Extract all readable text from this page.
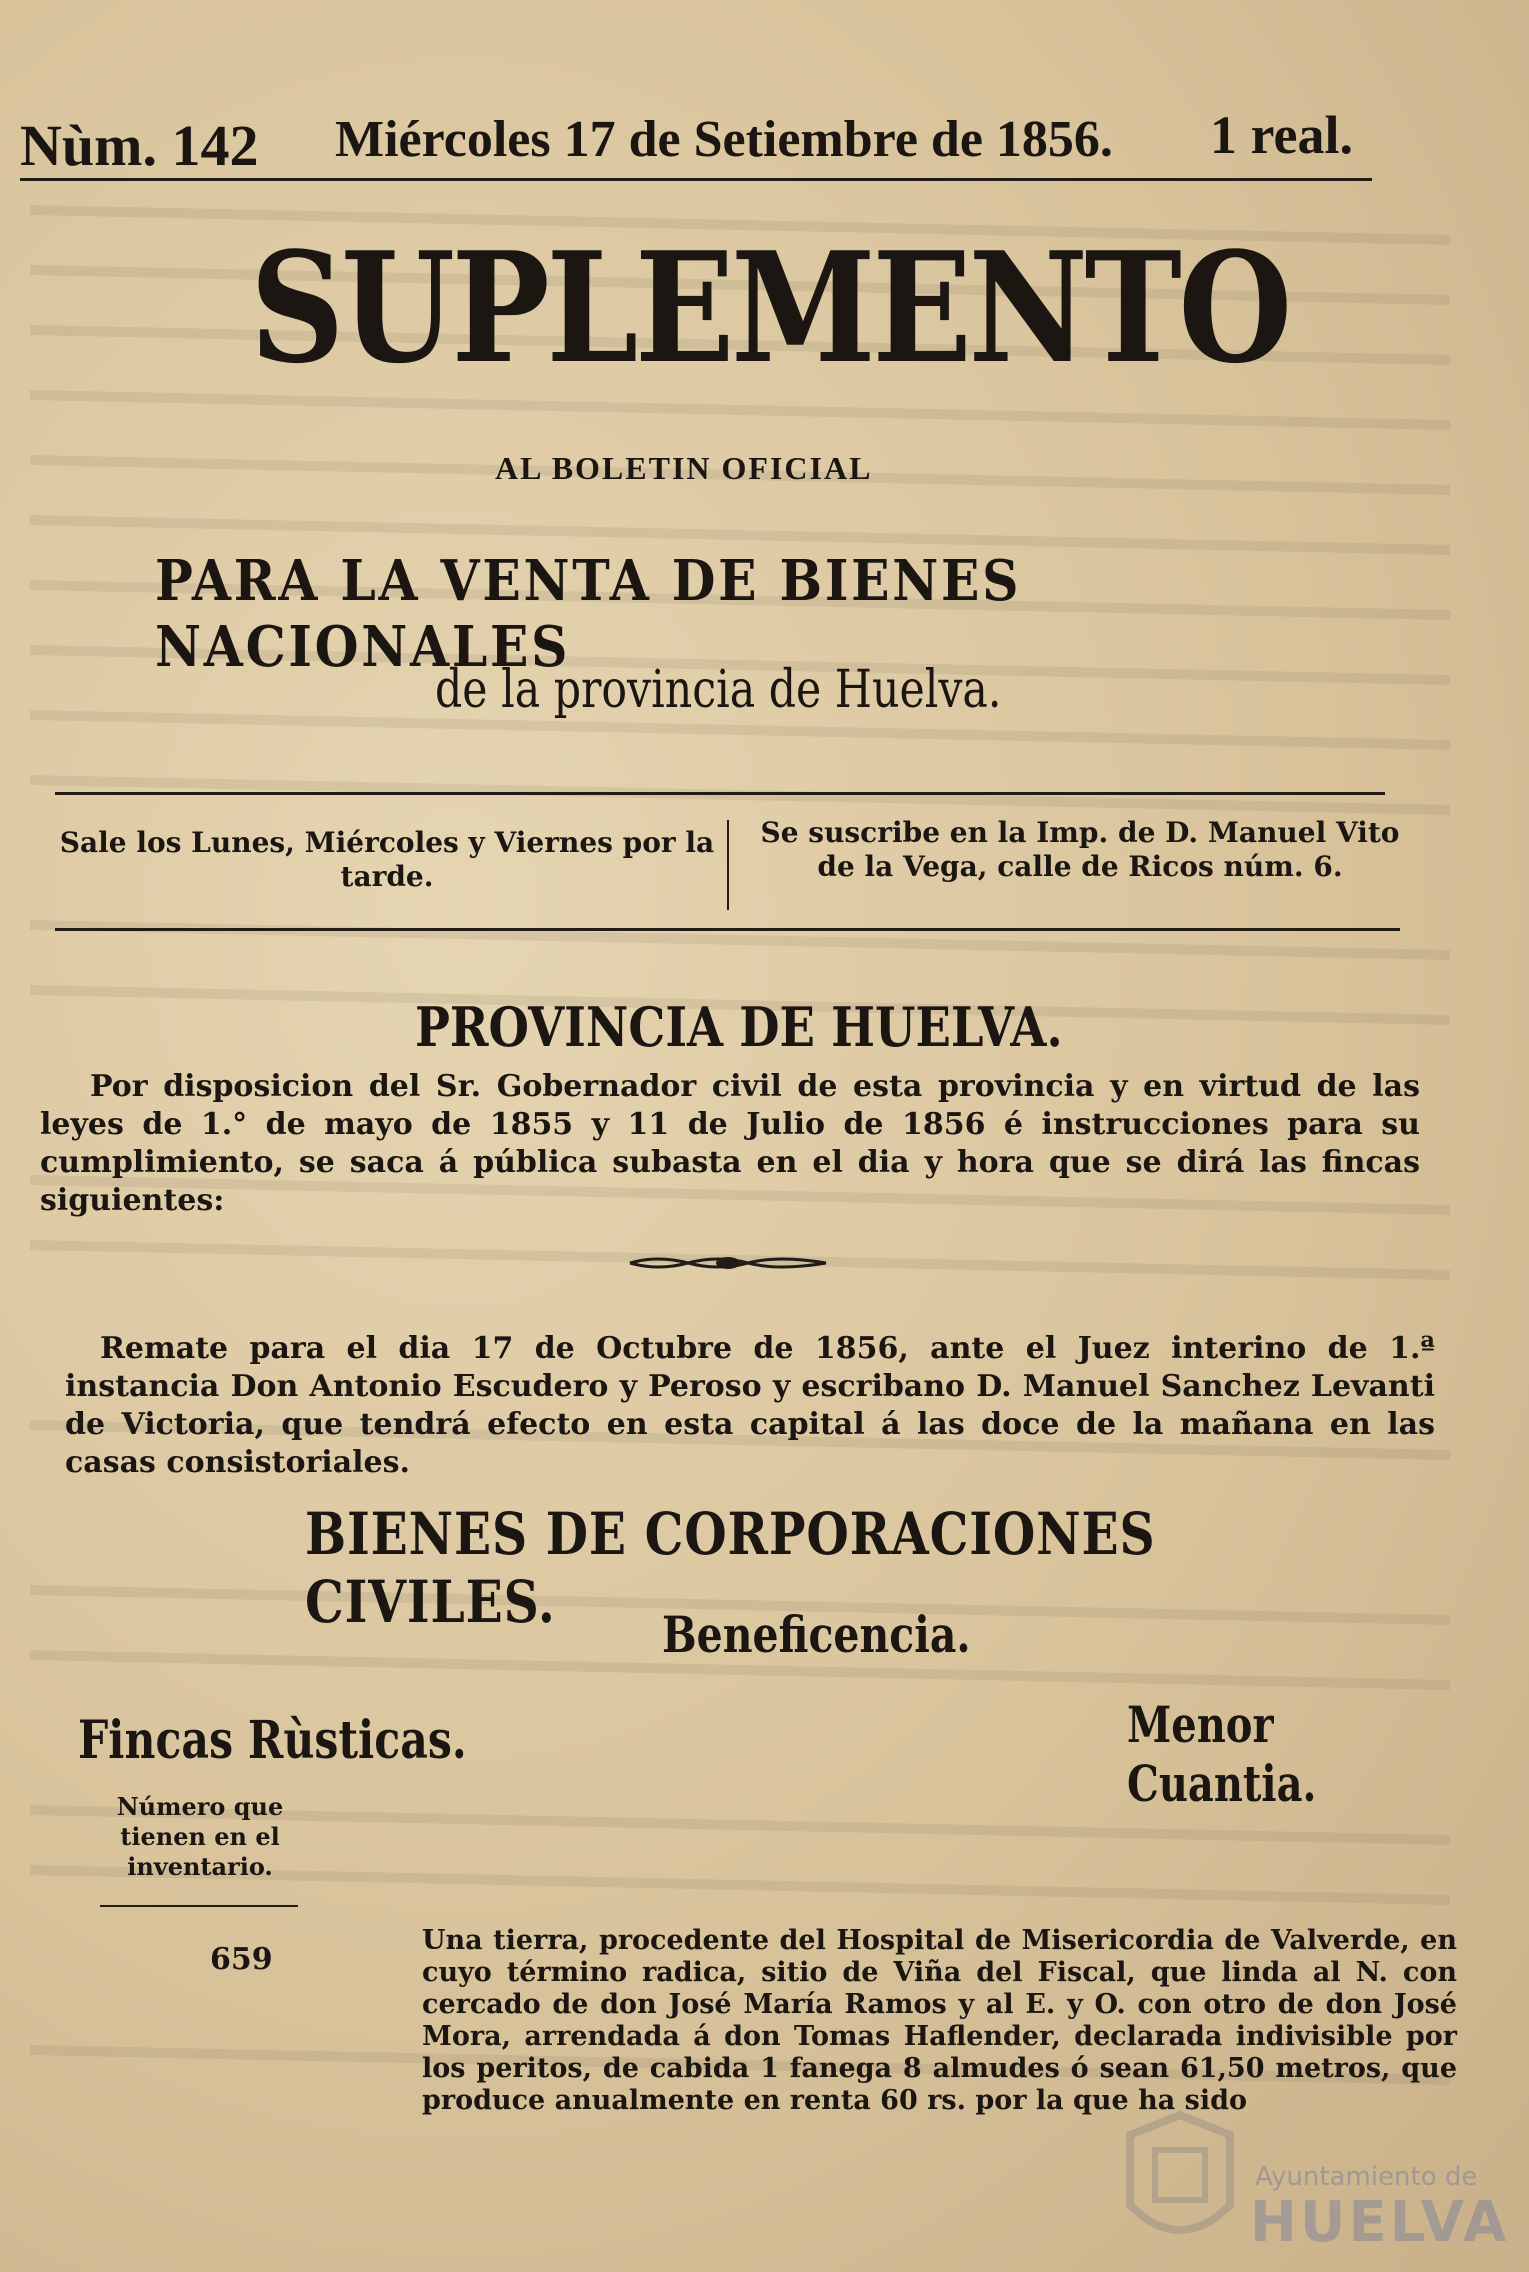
Nùm. 142 Miércoles 17 de Setiembre de 1856. 1 real.
SUPLEMENTO
AL BOLETIN OFICIAL
PARA LA VENTA DE BIENES NACIONALES
de la provincia de Huelva.
Sale los Lunes, Miércoles y Viernes por la tarde.
Se suscribe en la Imp. de D. Manuel Vito de la Vega, calle de Ricos núm. 6.
PROVINCIA DE HUELVA.
Por disposicion del Sr. Gobernador civil de esta provincia y en virtud de las leyes de 1.° de mayo de 1855 y 11 de Julio de 1856 é instrucciones para su cumplimiento, se saca á pública subasta en el dia y hora que se dirá las fincas siguientes:
Remate para el dia 17 de Octubre de 1856, ante el Juez interino de 1.ª instancia Don Antonio Escudero y Peroso y escribano D. Manuel Sanchez Levanti de Victoria, que tendrá efecto en esta capital á las doce de la mañana en las casas consistoriales.
BIENES DE CORPORACIONES CIVILES.	Beneficencia.
Fincas Rùsticas.	Menor Cuantia.
Número que tienen en el inventario.
659
Una tierra, procedente del Hospital de Misericordia de Valverde, en cuyo término radica, sitio de Viña del Fiscal, que linda al N. con cercado de don José María Ramos y al E. y O. con otro de don José Mora, arrendada á don Tomas Haflender, declarada indivisible por los peritos, de cabida 1 fanega 8 almudes ó sean 61,50 metros, que produce anualmente en renta 60 rs. por la que ha sido
Ayuntamiento de
HUELVA
